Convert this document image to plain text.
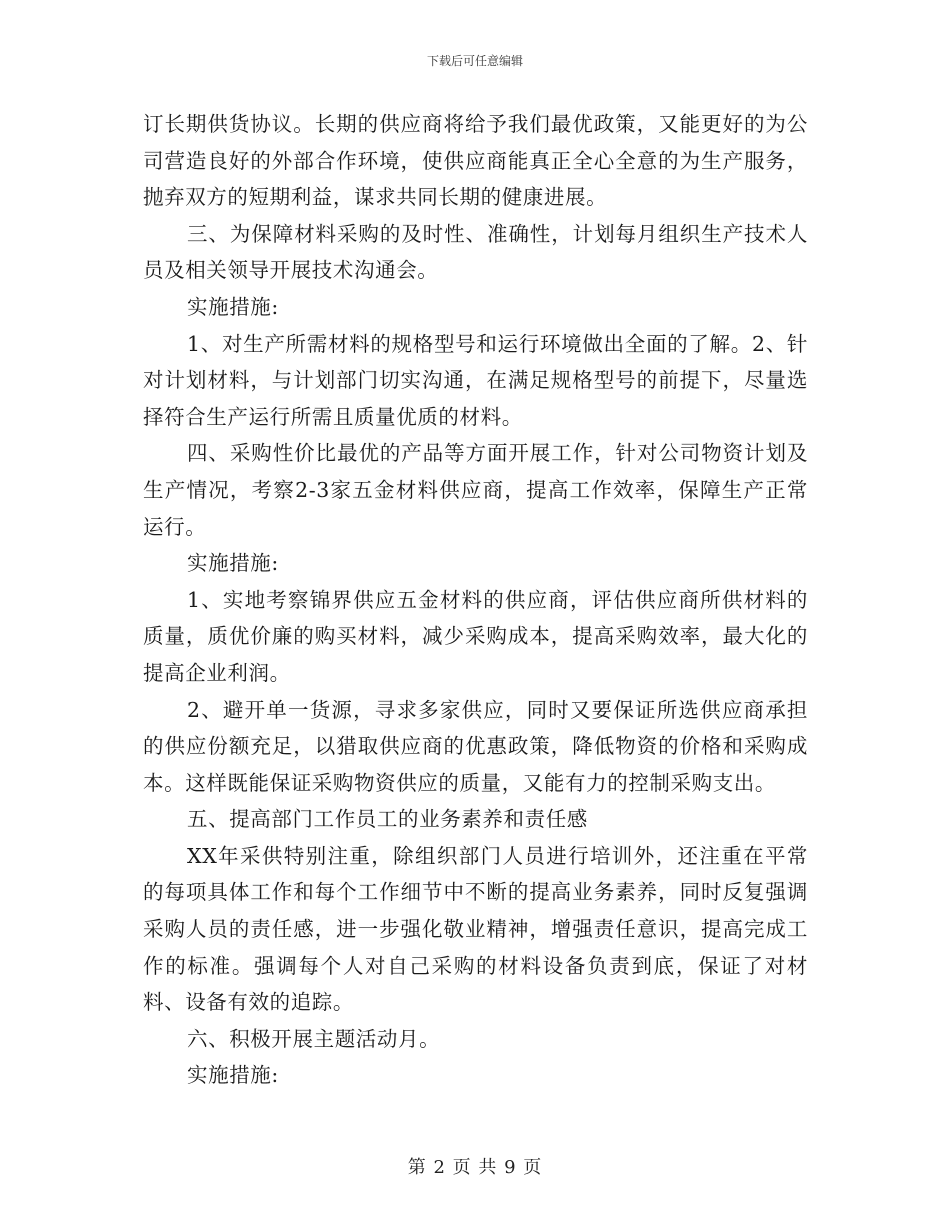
下载后可任意编辑

订长期供货协议。长期的供应商将给予我们最优政策，又能更好的为公司营造良好的外部合作环境，使供应商能真正全心全意的为生产服务，抛弃双方的短期利益，谋求共同长期的健康进展。

三、为保障材料采购的及时性、准确性，计划每月组织生产技术人员及相关领导开展技术沟通会。

实施措施:

1、对生产所需材料的规格型号和运行环境做出全面的了解。2、针对计划材料，与计划部门切实沟通，在满足规格型号的前提下，尽量选择符合生产运行所需且质量优质的材料。

四、采购性价比最优的产品等方面开展工作，针对公司物资计划及生产情况，考察2-3家五金材料供应商，提高工作效率，保障生产正常运行。

实施措施:

1、实地考察锦界供应五金材料的供应商，评估供应商所供材料的质量，质优价廉的购买材料，减少采购成本，提高采购效率，最大化的提高企业利润。

2、避开单一货源，寻求多家供应，同时又要保证所选供应商承担的供应份额充足，以猎取供应商的优惠政策，降低物资的价格和采购成本。这样既能保证采购物资供应的质量，又能有力的控制采购支出。

五、提高部门工作员工的业务素养和责任感

XX年采供特别注重，除组织部门人员进行培训外，还注重在平常的每项具体工作和每个工作细节中不断的提高业务素养，同时反复强调采购人员的责任感，进一步强化敬业精神，增强责任意识，提高完成工作的标准。强调每个人对自己采购的材料设备负责到底，保证了对材料、设备有效的追踪。

六、积极开展主题活动月。

实施措施:

第 2 页 共 9 页
